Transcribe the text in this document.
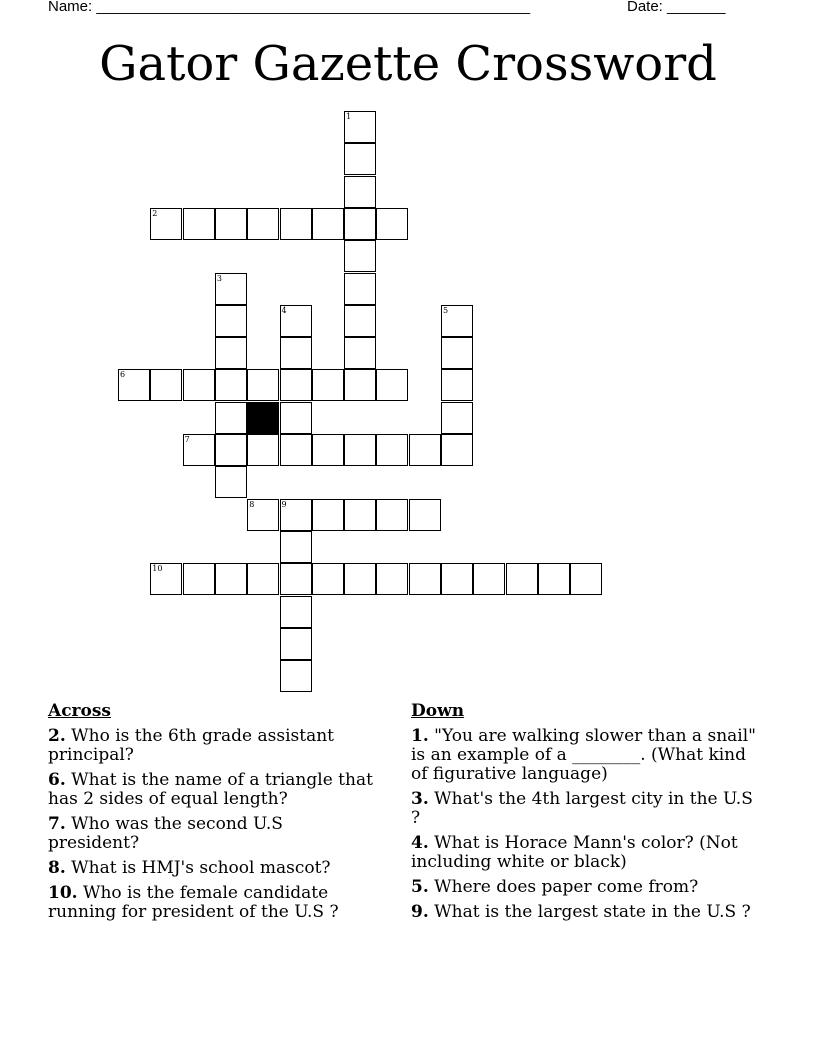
Name: ____________________________________________________	Date: _______
Gator Gazette Crossword
1
2
3
4	5
6
7
8	9
10
Across
2. Who is the 6th grade assistant principal?
6. What is the name of a triangle that has 2 sides of equal length?
7. Who was the second U.S president?
8. What is HMJ's school mascot?
10. Who is the female candidate running for president of the U.S ?
Down
1. "You are walking slower than a snail" is an example of a ________. (What kind of figurative language)
3. What's the 4th largest city in the U.S ?
4. What is Horace Mann's color? (Not including white or black)
5. Where does paper come from?
9. What is the largest state in the U.S ?
